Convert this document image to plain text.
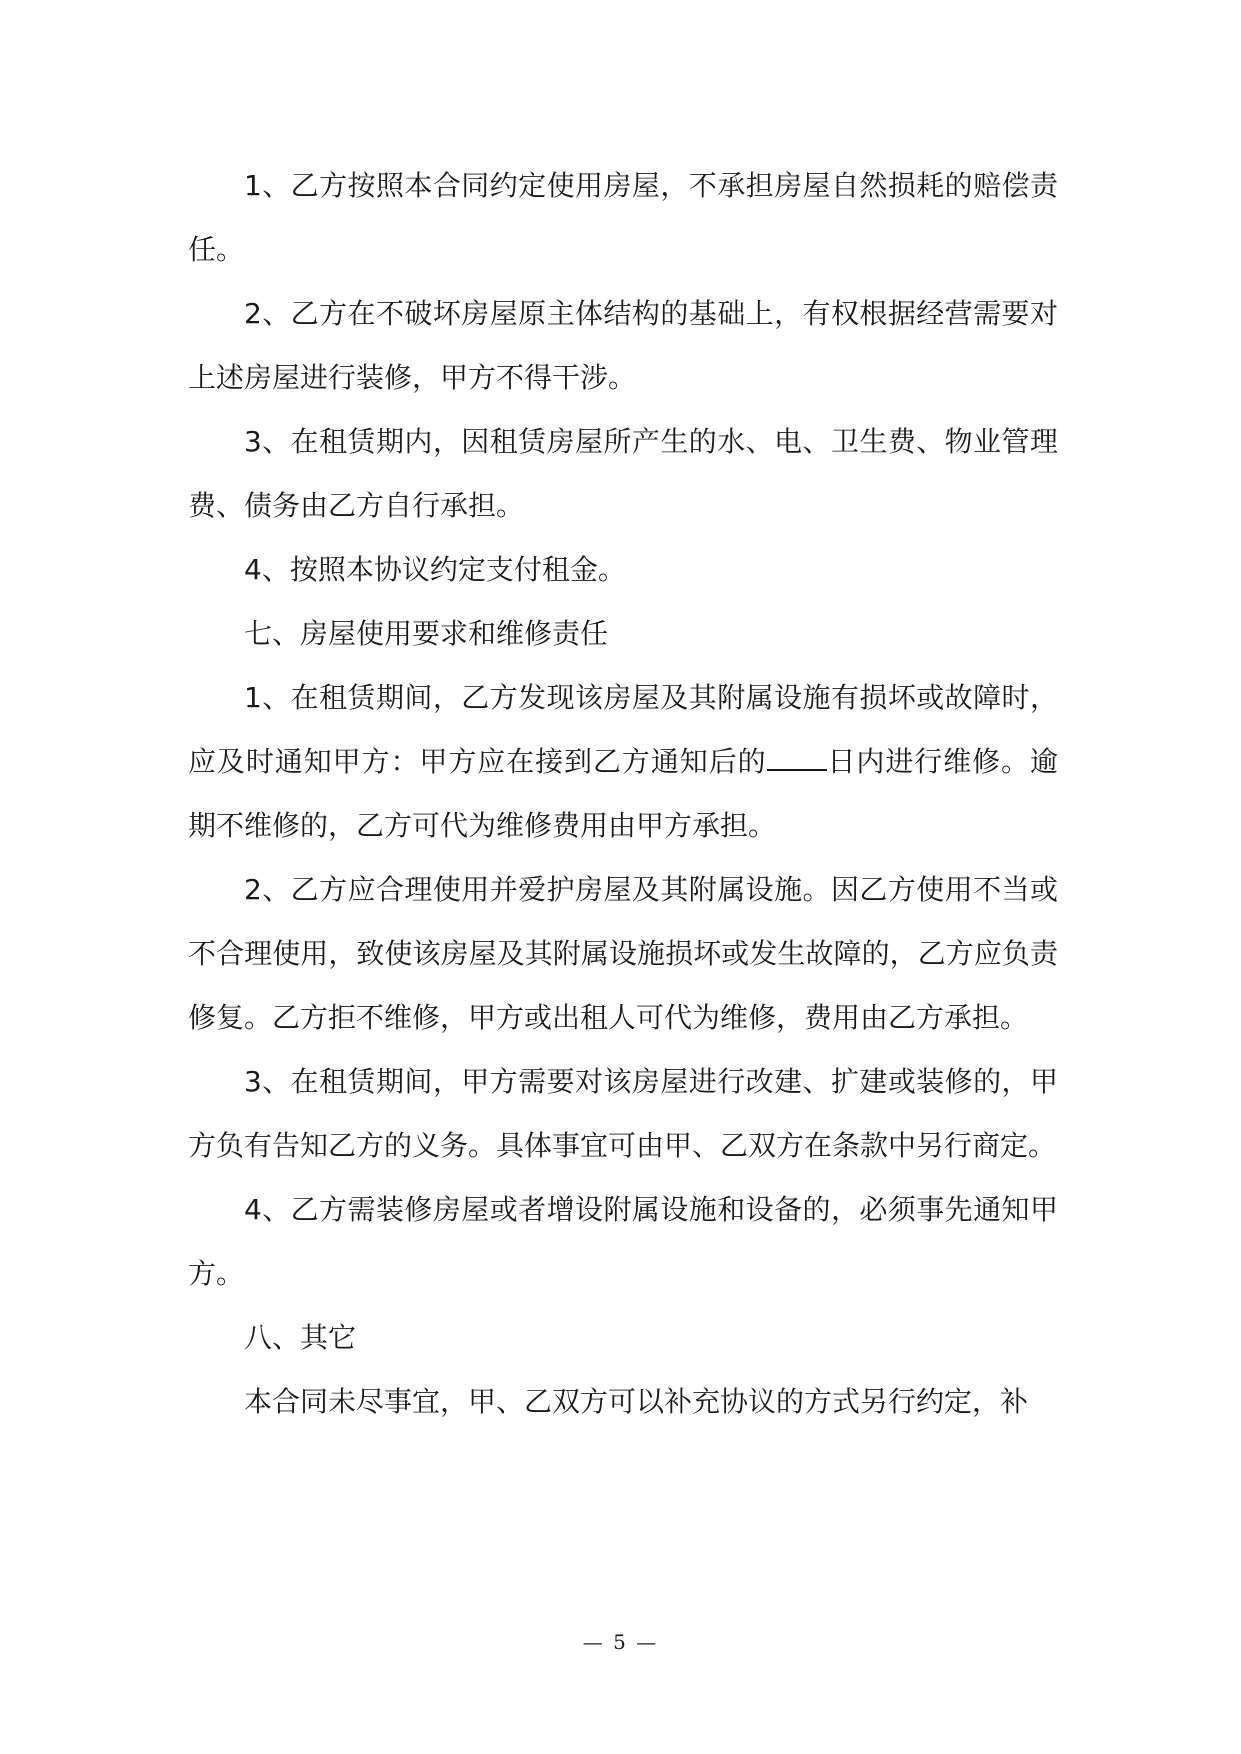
1、乙方按照本合同约定使用房屋，不承担房屋自然损耗的赔偿责任。

2、乙方在不破坏房屋原主体结构的基础上，有权根据经营需要对上述房屋进行装修，甲方不得干涉。

3、在租赁期内，因租赁房屋所产生的水、电、卫生费、物业管理费、债务由乙方自行承担。

4、按照本协议约定支付租金。

七、房屋使用要求和维修责任

1、在租赁期间，乙方发现该房屋及其附属设施有损坏或故障时，应及时通知甲方：甲方应在接到乙方通知后的 日内进行维修。逾期不维修的，乙方可代为维修费用由甲方承担。

2、乙方应合理使用并爱护房屋及其附属设施。因乙方使用不当或不合理使用，致使该房屋及其附属设施损坏或发生故障的，乙方应负责修复。乙方拒不维修，甲方或出租人可代为维修，费用由乙方承担。

3、在租赁期间，甲方需要对该房屋进行改建、扩建或装修的，甲方负有告知乙方的义务。具体事宜可由甲、乙双方在条款中另行商定。

4、乙方需装修房屋或者增设附属设施和设备的，必须事先通知甲方。

八、其它

本合同未尽事宜，甲、乙双方可以补充协议的方式另行约定，补

— 5 —
